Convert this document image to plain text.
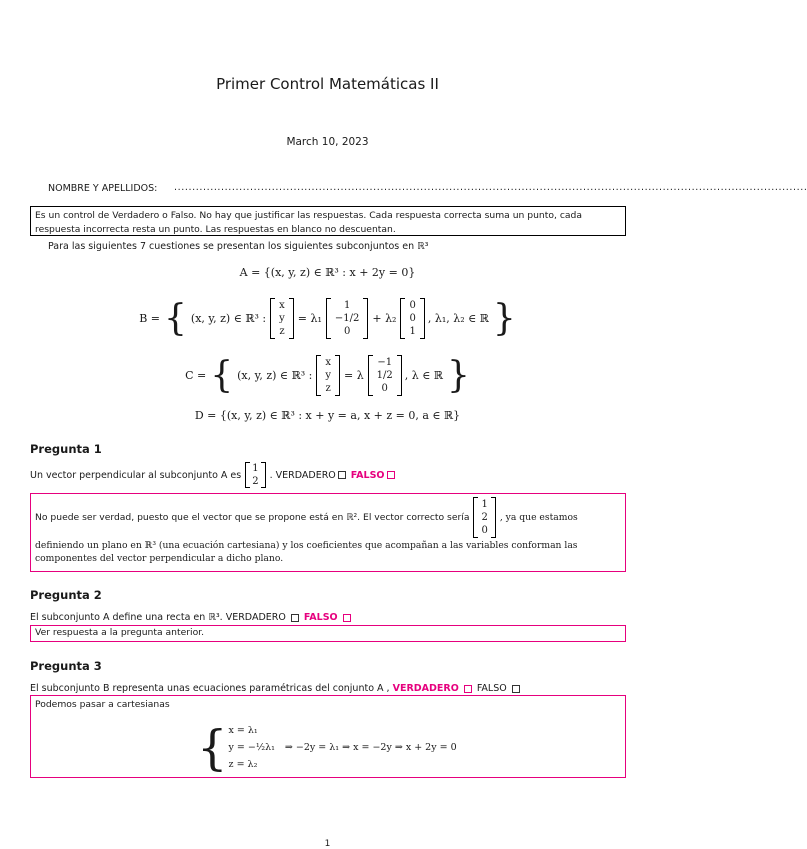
Primer Control Matemáticas II
March 10, 2023
NOMBRE Y APELLIDOS: ...............................................................................................................................................................................
Es un control de Verdadero o Falso. No hay que justificar las respuestas. Cada respuesta correcta suma un punto, cada respuesta incorrecta resta un punto. Las respuestas en blanco no descuentan.
Para las siguientes 7 cuestiones se presentan los siguientes subconjuntos en ℝ³
A = {(x, y, z) ∈ ℝ³ : x + 2y = 0}
B = { (x, y, z) ∈ ℝ³ :
x
y
z
= λ₁
1
−1/2
0
+ λ₂
0
0
1
, λ₁, λ₂ ∈ ℝ }
C = { (x, y, z) ∈ ℝ³ :
x
y
z
= λ
−1
1/2
0
, λ ∈ ℝ }
D = {(x, y, z) ∈ ℝ³ : x + y = a, x + z = 0, a ∈ ℝ}
Pregunta 1
Un vector perpendicular al subconjunto A es
1
2
. VERDADERO FALSO
No puede ser verdad, puesto que el vector que se propone está en ℝ². El vector correcto sería
1
2
0
, ya que estamos
definiendo un plano en ℝ³ (una ecuación cartesiana) y los coeficientes que acompañan a las variables conforman las componentes del vector perpendicular a dicho plano.
Pregunta 2
El subconjunto A define una recta en ℝ³. VERDADERO FALSO
Ver respuesta a la pregunta anterior.
Pregunta 3
El subconjunto B representa unas ecuaciones paramétricas del conjunto A , VERDADERO FALSO
Podemos pasar a cartesianas
{ x = λ₁
y = −½λ₁
z = λ₂
⇒ −2y = λ₁ ⇒ x = −2y ⇒ x + 2y = 0
1
